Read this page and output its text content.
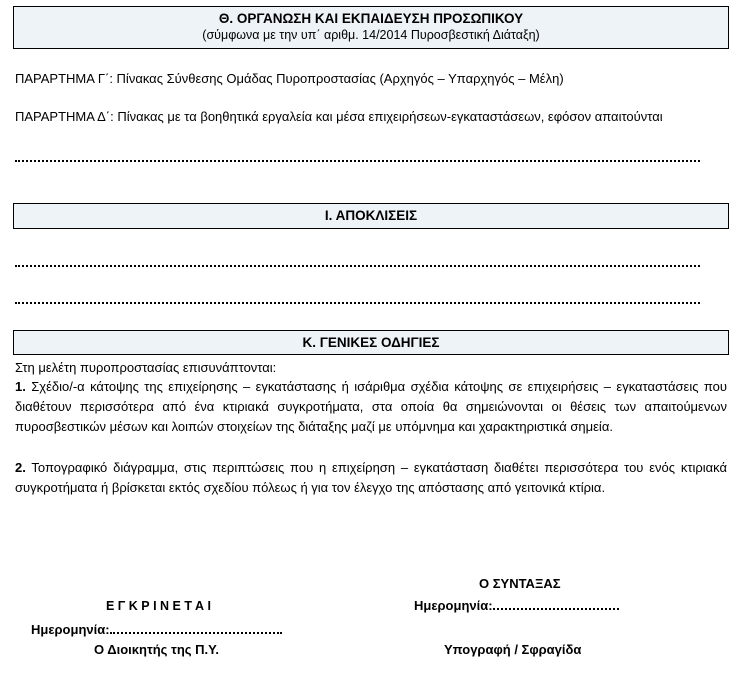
Θ. ΟΡΓΑΝΩΣΗ ΚΑΙ ΕΚΠΑΙΔΕΥΣΗ ΠΡΟΣΩΠΙΚΟΥ
(σύμφωνα με την υπ΄ αριθμ. 14/2014 Πυροσβεστική Διάταξη)
ΠΑΡΑΡΤΗΜΑ Γ΄: Πίνακας Σύνθεσης Ομάδας Πυροπροστασίας (Αρχηγός – Υπαρχηγός – Μέλη)
ΠΑΡΑΡΤΗΜΑ Δ΄: Πίνακας με τα βοηθητικά εργαλεία και μέσα επιχειρήσεων-εγκαταστάσεων, εφόσον απαιτούνται
Ι. ΑΠΟΚΛΙΣΕΙΣ
Κ. ΓΕΝΙΚΕΣ ΟΔΗΓΙΕΣ
Στη μελέτη πυροπροστασίας επισυνάπτονται:
1. Σχέδιο/-α κάτοψης της επιχείρησης – εγκατάστασης ή ισάριθμα σχέδια κάτοψης σε επιχειρήσεις – εγκαταστάσεις που διαθέτουν περισσότερα από ένα κτιριακά συγκροτήματα, στα οποία θα σημειώνονται οι θέσεις των απαιτούμενων πυροσβεστικών μέσων και λοιπών στοιχείων της διάταξης μαζί με υπόμνημα και χαρακτηριστικά σημεία.
2. Τοπογραφικό διάγραμμα, στις περιπτώσεις που η επιχείρηση – εγκατάσταση διαθέτει περισσότερα του ενός κτιριακά συγκροτήματα ή βρίσκεται εκτός σχεδίου πόλεως ή για τον έλεγχο της απόστασης από γειτονικά κτίρια.
Ε Γ Κ Ρ Ι Ν Ε Τ Α Ι
Ημερομηνία:
Ο Διοικητής της Π.Υ.
Ο ΣΥΝΤΑΞΑΣ
Ημερομηνία:
Υπογραφή / Σφραγίδα
